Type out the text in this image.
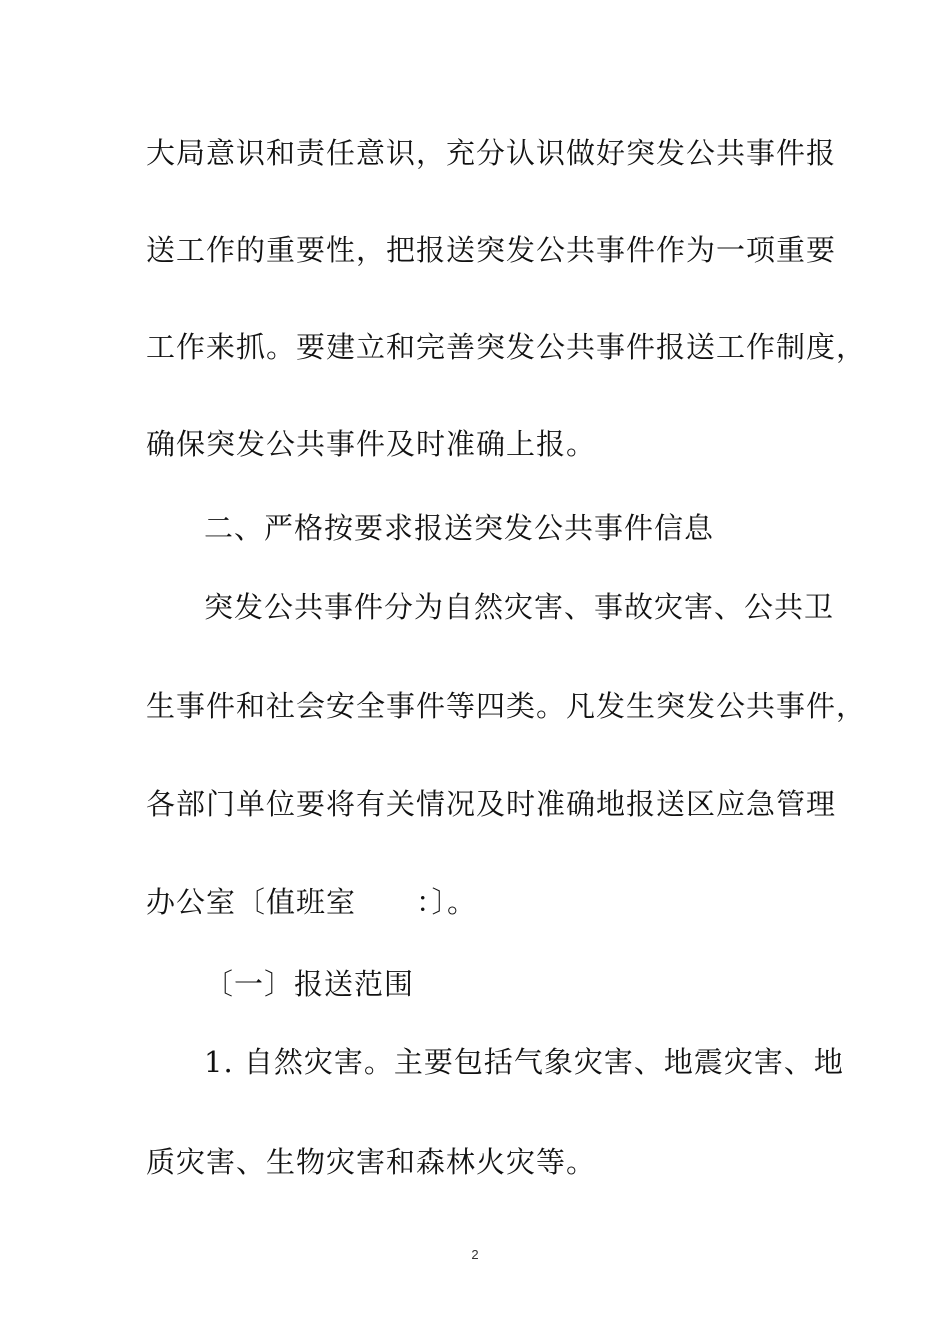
大局意识和责任意识，充分认识做好突发公共事件报
送工作的重要性，把报送突发公共事件作为一项重要
工作来抓。要建立和完善突发公共事件报送工作制度，
确保突发公共事件及时准确上报。
二、严格按要求报送突发公共事件信息
突发公共事件分为自然灾害、事故灾害、公共卫
生事件和社会安全事件等四类。凡发生突发公共事件，
各部门单位要将有关情况及时准确地报送区应急管理
办公室〔值班室　　：〕。
〔一〕报送范围
1. 自然灾害。主要包括气象灾害、地震灾害、地
质灾害、生物灾害和森林火灾等。
2
